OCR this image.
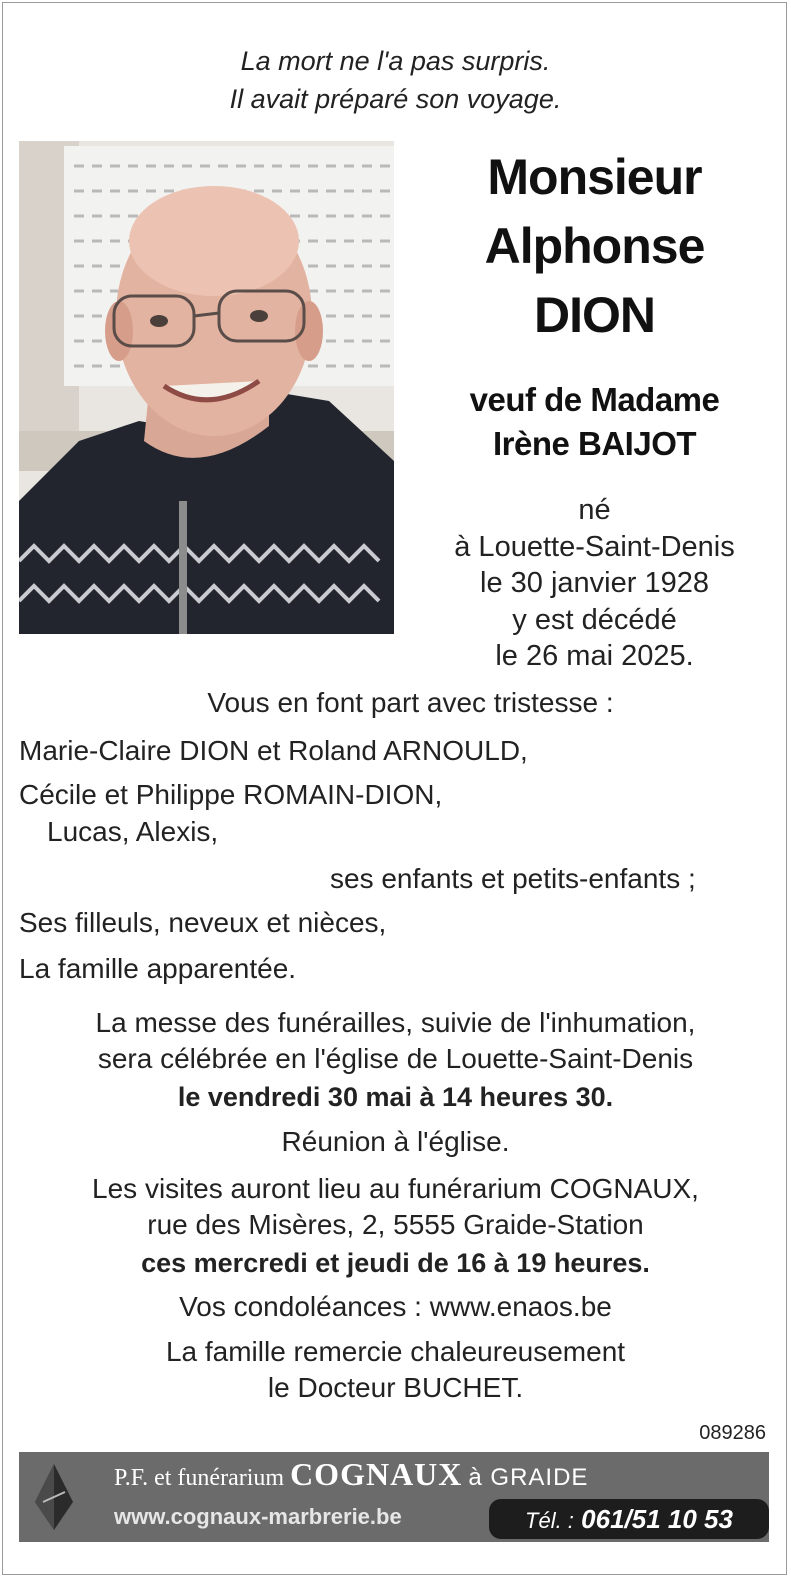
La mort ne l'a pas surpris.
Il avait préparé son voyage.
Monsieur
Alphonse
DION
veuf de Madame
Irène BAIJOT
né
à Louette-Saint-Denis
le 30 janvier 1928
y est décédé
le 26 mai 2025.
Vous en font part avec tristesse :
Marie-Claire DION et Roland ARNOULD,
Cécile et Philippe ROMAIN-DION,
Lucas, Alexis,
ses enfants et petits-enfants ;
Ses filleuls, neveux et nièces,
La famille apparentée.
La messe des funérailles, suivie de l'inhumation,
sera célébrée en l'église de Louette-Saint-Denis
le vendredi 30 mai à 14 heures 30.
Réunion à l'église.
Les visites auront lieu au funérarium COGNAUX,
rue des Misères, 2, 5555 Graide-Station
ces mercredi et jeudi de 16 à 19 heures.
Vos condoléances : www.enaos.be
La famille remercie chaleureusement
le Docteur BUCHET.
089286
P.F. et funérarium COGNAUX à GRAIDE
www.cognaux-marbrerie.be	Tél. : 061/51 10 53
